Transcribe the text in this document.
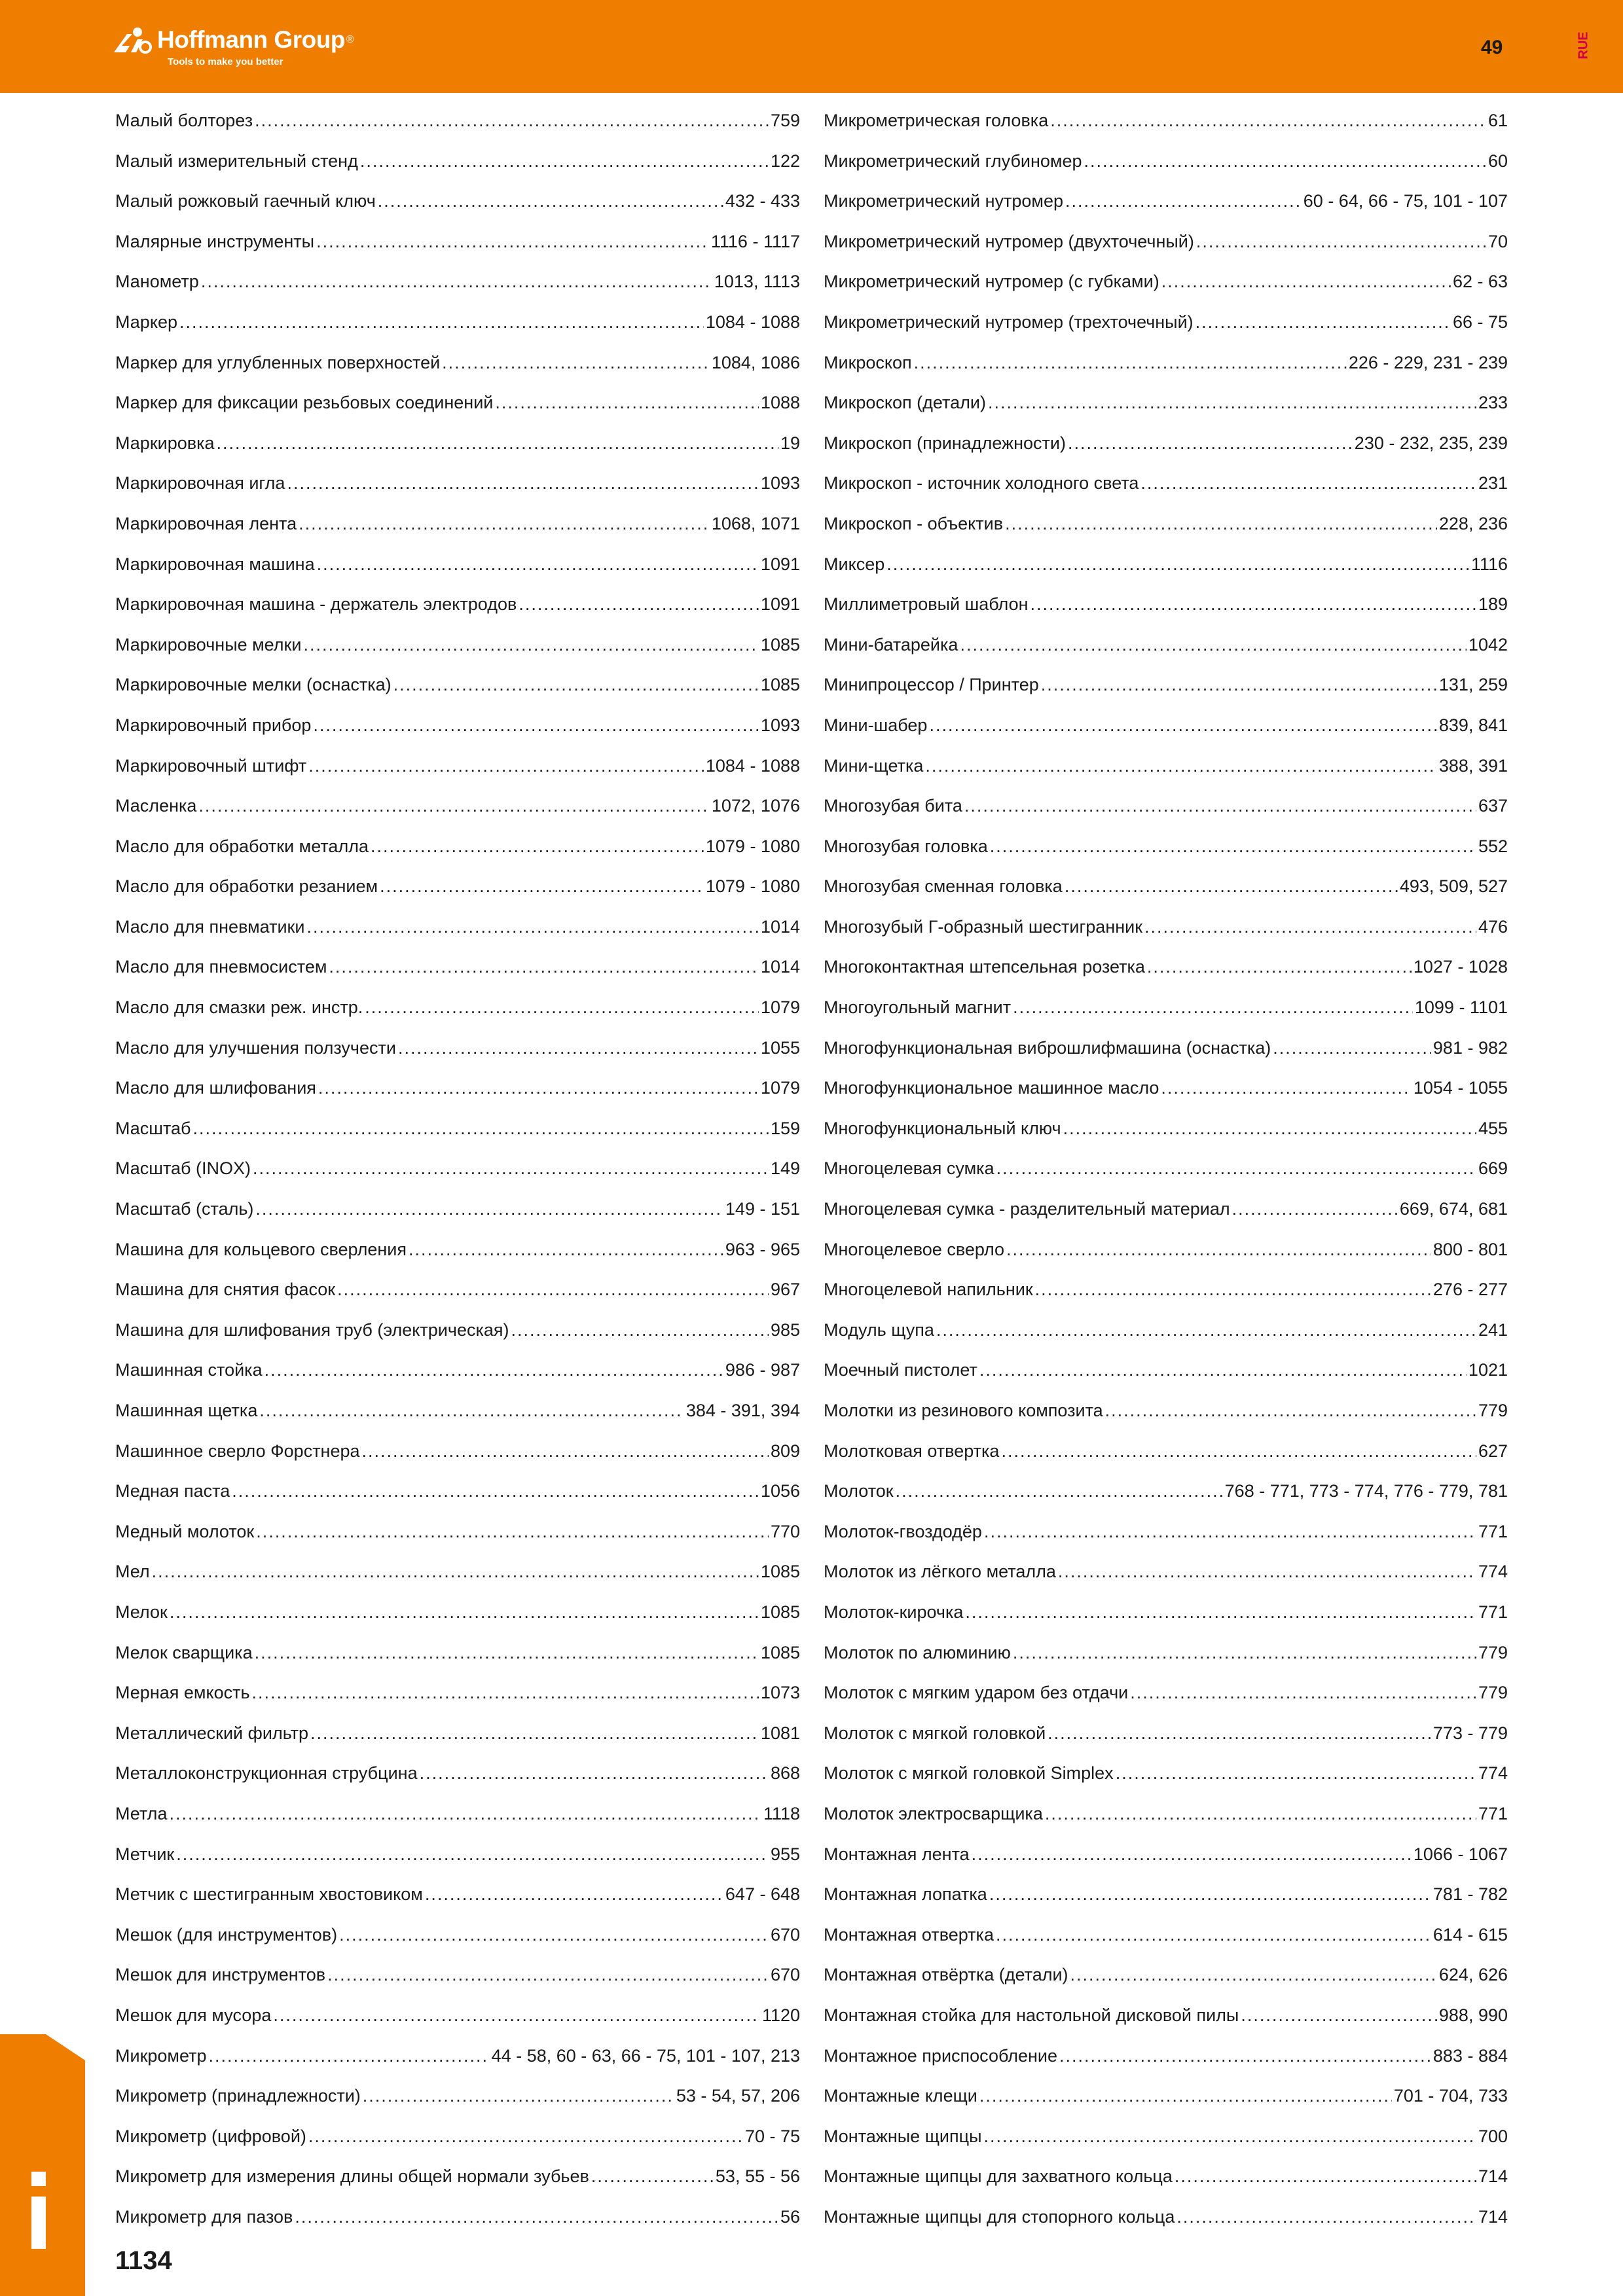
Hoffmann Group ®
Tools to make you better
49	RUE
Малый болторез .....	759
Малый измерительный стенд .....	122
Малый рожковый гаечный ключ .....	432 - 433
Малярные инструменты .....	1116 - 1117
Манометр .....	1013, 1113
Маркер .....	1084 - 1088
Маркер для углубленных поверхностей .....	1084, 1086
Маркер для фиксации резьбовых соединений .....	1088
Маркировка .....	19
Маркировочная игла .....	1093
Маркировочная лента .....	1068, 1071
Маркировочная машина .....	1091
Маркировочная машина - держатель электродов .....	1091
Маркировочные мелки .....	1085
Маркировочные мелки (оснастка) .....	1085
Маркировочный прибор .....	1093
Маркировочный штифт .....	1084 - 1088
Масленка .....	1072, 1076
Масло для обработки металла .....	1079 - 1080
Масло для обработки резанием .....	1079 - 1080
Масло для пневматики .....	1014
Масло для пневмосистем .....	1014
Масло для смазки реж. инстр. .....	1079
Масло для улучшения ползучести .....	1055
Масло для шлифования .....	1079
Масштаб .....	159
Масштаб (INOX) .....	149
Масштаб (сталь) .....	149 - 151
Машина для кольцевого сверления .....	963 - 965
Машина для снятия фасок .....	967
Машина для шлифования труб (электрическая) .....	985
Машинная стойка .....	986 - 987
Машинная щетка .....	384 - 391, 394
Машинное сверло Форстнера .....	809
Медная паста .....	1056
Медный молоток .....	770
Мел .....	1085
Мелок .....	1085
Мелок сварщика .....	1085
Мерная емкость .....	1073
Металлический фильтр .....	1081
Металлоконструкционная струбцина .....	868
Метла .....	1118
Метчик .....	955
Метчик с шестигранным хвостовиком .....	647 - 648
Мешок (для инструментов) .....	670
Мешок для инструментов .....	670
Мешок для мусора .....	1120
Микрометр .....	44 - 58, 60 - 63, 66 - 75, 101 - 107, 213
Микрометр (принадлежности) .....	53 - 54, 57, 206
Микрометр (цифровой) .....	70 - 75
Микрометр для измерения длины общей нормали зубьев .....	53, 55 - 56
Микрометр для пазов .....	56
Микрометрическая головка .....	61
Микрометрический глубиномер .....	60
Микрометрический нутромер .....	60 - 64, 66 - 75, 101 - 107
Микрометрический нутромер (двухточечный) .....	70
Микрометрический нутромер (с губками) .....	62 - 63
Микрометрический нутромер (трехточечный) .....	66 - 75
Микроскоп .....	226 - 229, 231 - 239
Микроскоп (детали) .....	233
Микроскоп (принадлежности) .....	230 - 232, 235, 239
Микроскоп - источник холодного света .....	231
Микроскоп - объектив .....	228, 236
Миксер .....	1116
Миллиметровый шаблон .....	189
Мини-батарейка .....	1042
Минипроцессор / Принтер .....	131, 259
Мини-шабер .....	839, 841
Мини-щетка .....	388, 391
Многозубая бита .....	637
Многозубая головка .....	552
Многозубая сменная головка .....	493, 509, 527
Многозубый Г-образный шестигранник .....	476
Многоконтактная штепсельная розетка .....	1027 - 1028
Многоугольный магнит .....	1099 - 1101
Многофункциональная виброшлифмашина (оснастка) .....	981 - 982
Многофункциональное машинное масло .....	1054 - 1055
Многофункциональный ключ .....	455
Многоцелевая сумка .....	669
Многоцелевая сумка - разделительный материал .....	669, 674, 681
Многоцелевое сверло .....	800 - 801
Многоцелевой напильник .....	276 - 277
Модуль щупа .....	241
Моечный пистолет .....	1021
Молотки из резинового композита .....	779
Молотковая отвертка .....	627
Молоток .....	768 - 771, 773 - 774, 776 - 779, 781
Молоток-гвоздодёр .....	771
Молоток из лёгкого металла .....	774
Молоток-кирочка .....	771
Молоток по алюминию .....	779
Молоток с мягким ударом без отдачи .....	779
Молоток с мягкой головкой .....	773 - 779
Молоток с мягкой головкой Simplex .....	774
Молоток электросварщика .....	771
Монтажная лента .....	1066 - 1067
Монтажная лопатка .....	781 - 782
Монтажная отвертка .....	614 - 615
Монтажная отвёртка (детали) .....	624, 626
Монтажная стойка для настольной дисковой пилы .....	988, 990
Монтажное приспособление .....	883 - 884
Монтажные клещи .....	701 - 704, 733
Монтажные щипцы .....	700
Монтажные щипцы для захватного кольца .....	714
Монтажные щипцы для стопорного кольца .....	714
1134
